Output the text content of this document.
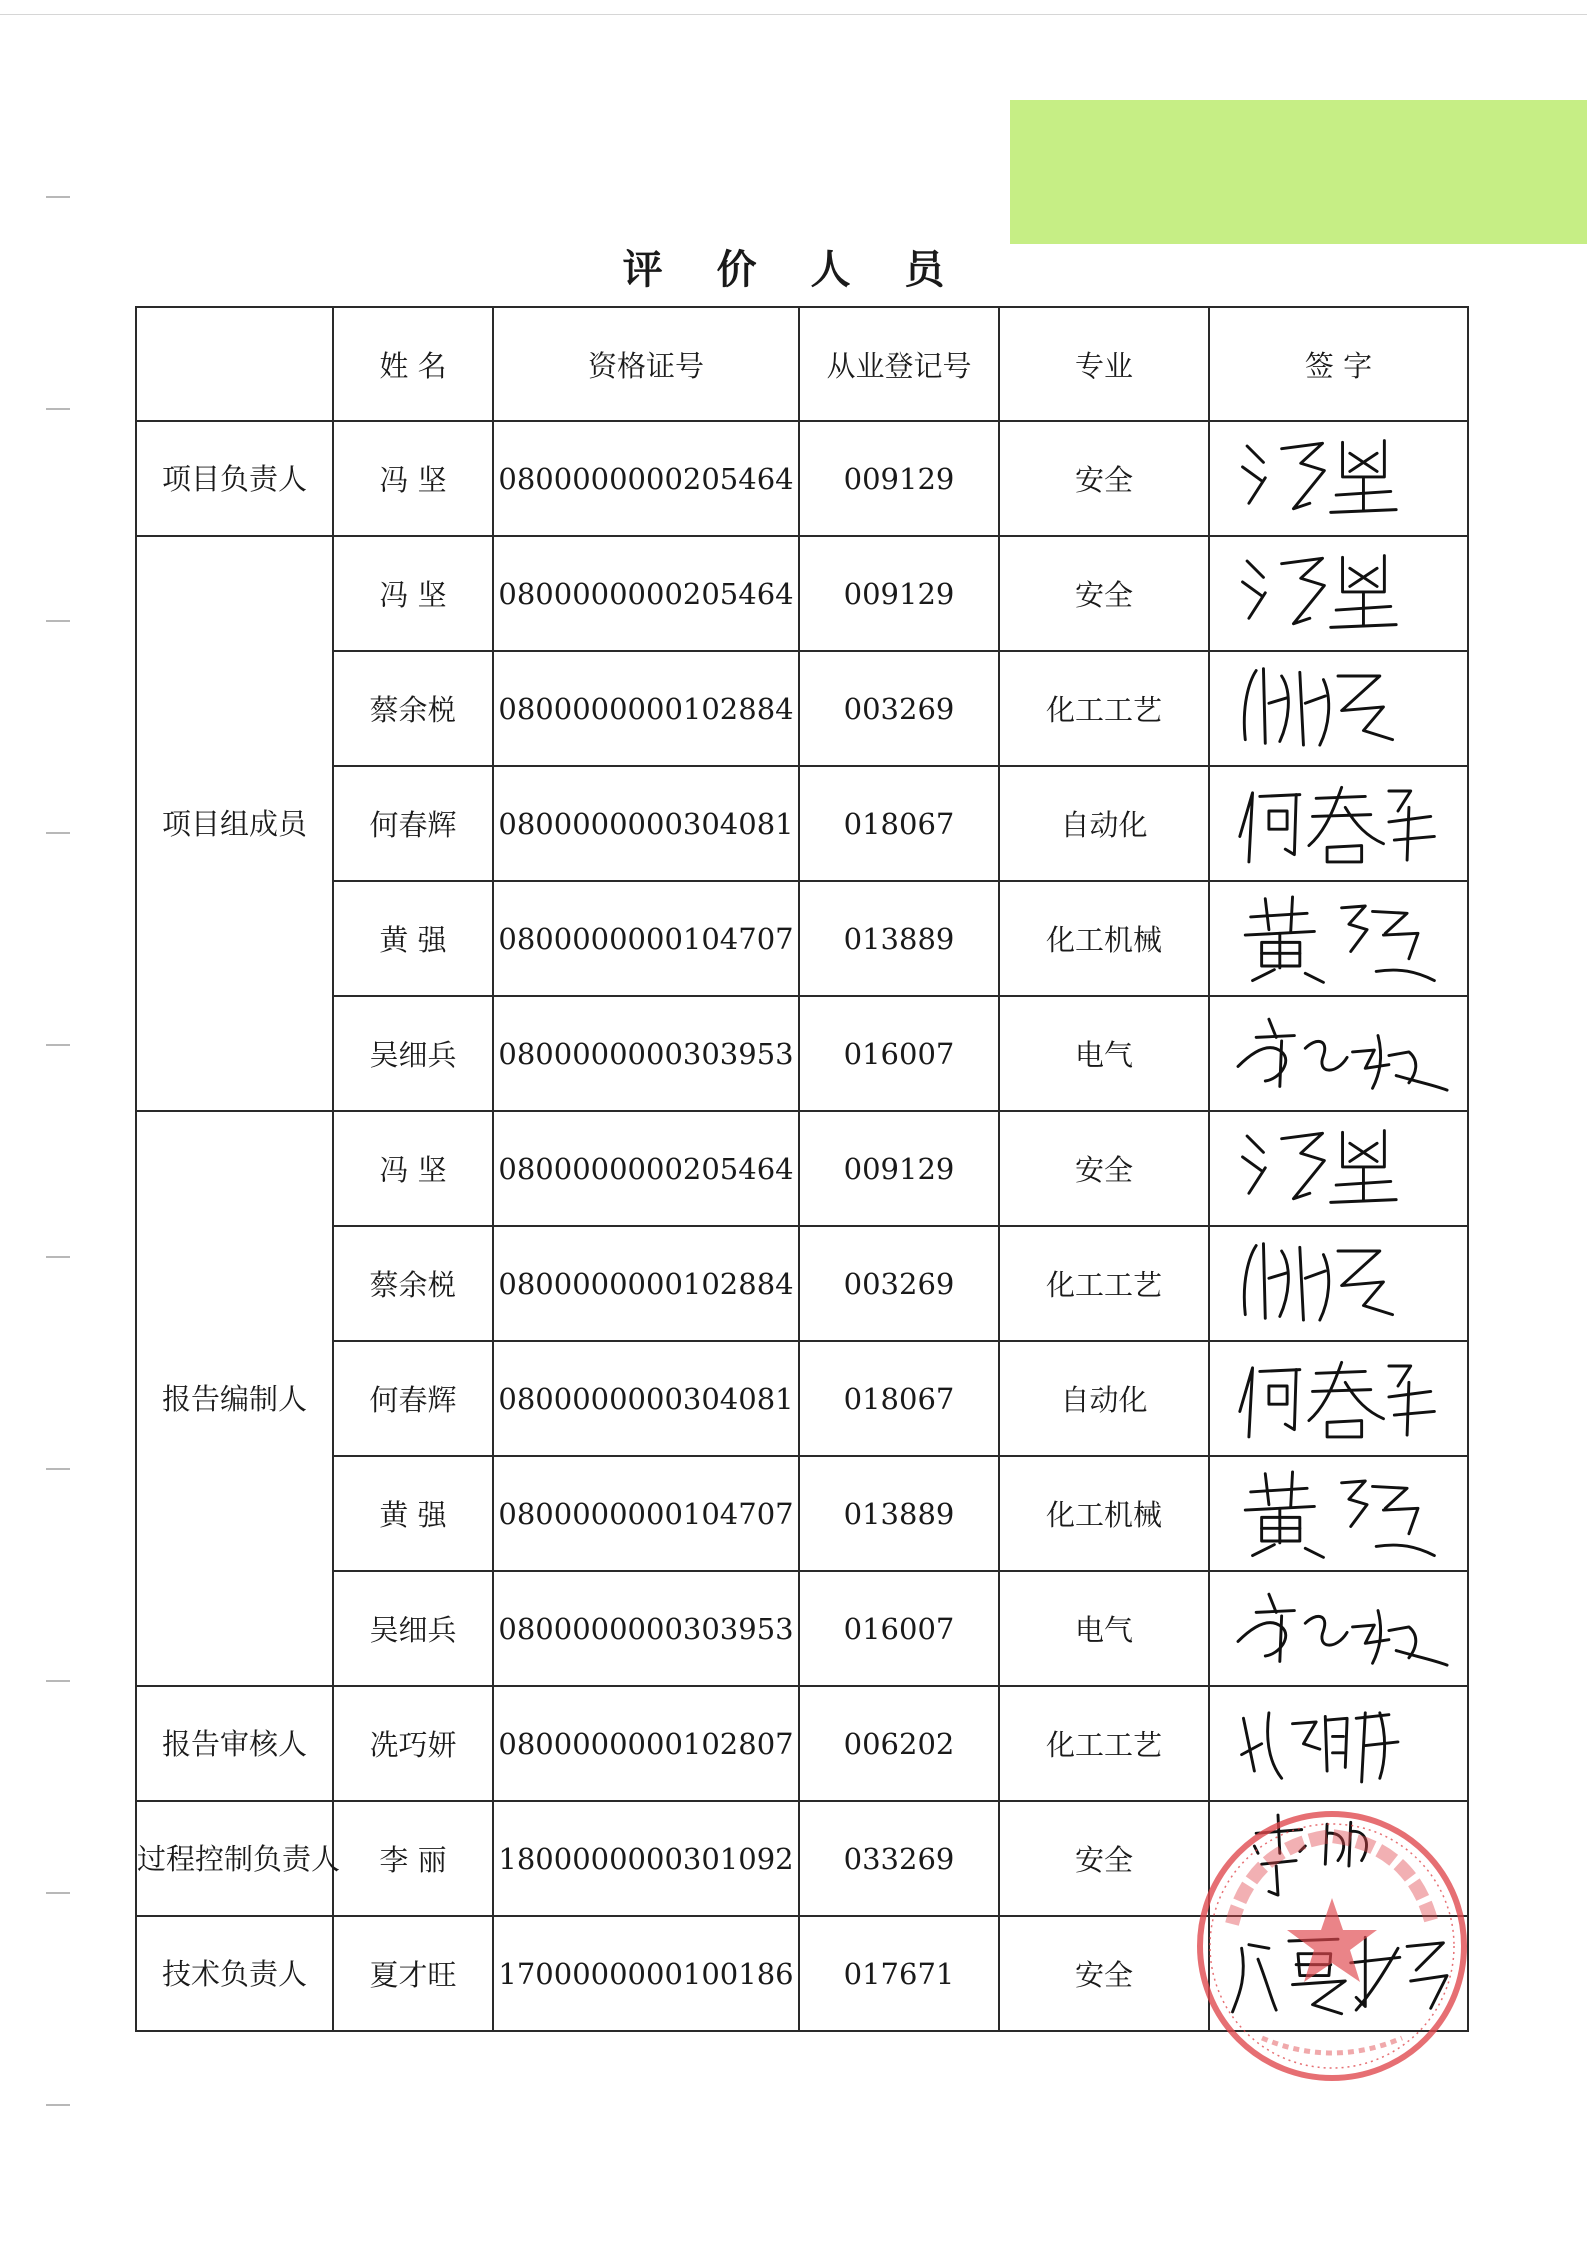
评 价 人 员
	姓 名	资格证号	从业登记号	专业	签 字
项目负责人	冯 坚	0800000000205464	009129	安全	

项目组成员	冯 坚	0800000000205464	009129	安全	

	蔡余棁	0800000000102884	003269	化工工艺	

	何春辉	0800000000304081	018067	自动化	

	黄 强	0800000000104707	013889	化工机械	

	吴细兵	0800000000303953	016007	电气	

报告编制人	冯 坚	0800000000205464	009129	安全	

	蔡余棁	0800000000102884	003269	化工工艺	

	何春辉	0800000000304081	018067	自动化	

	黄 强	0800000000104707	013889	化工机械	

	吴细兵	0800000000303953	016007	电气	

报告审核人	冼巧妍	0800000000102807	006202	化工工艺	

过程控制负责人	李 丽	1800000000301092	033269	安全	

技术负责人	夏才旺	1700000000100186	017671	安全	
